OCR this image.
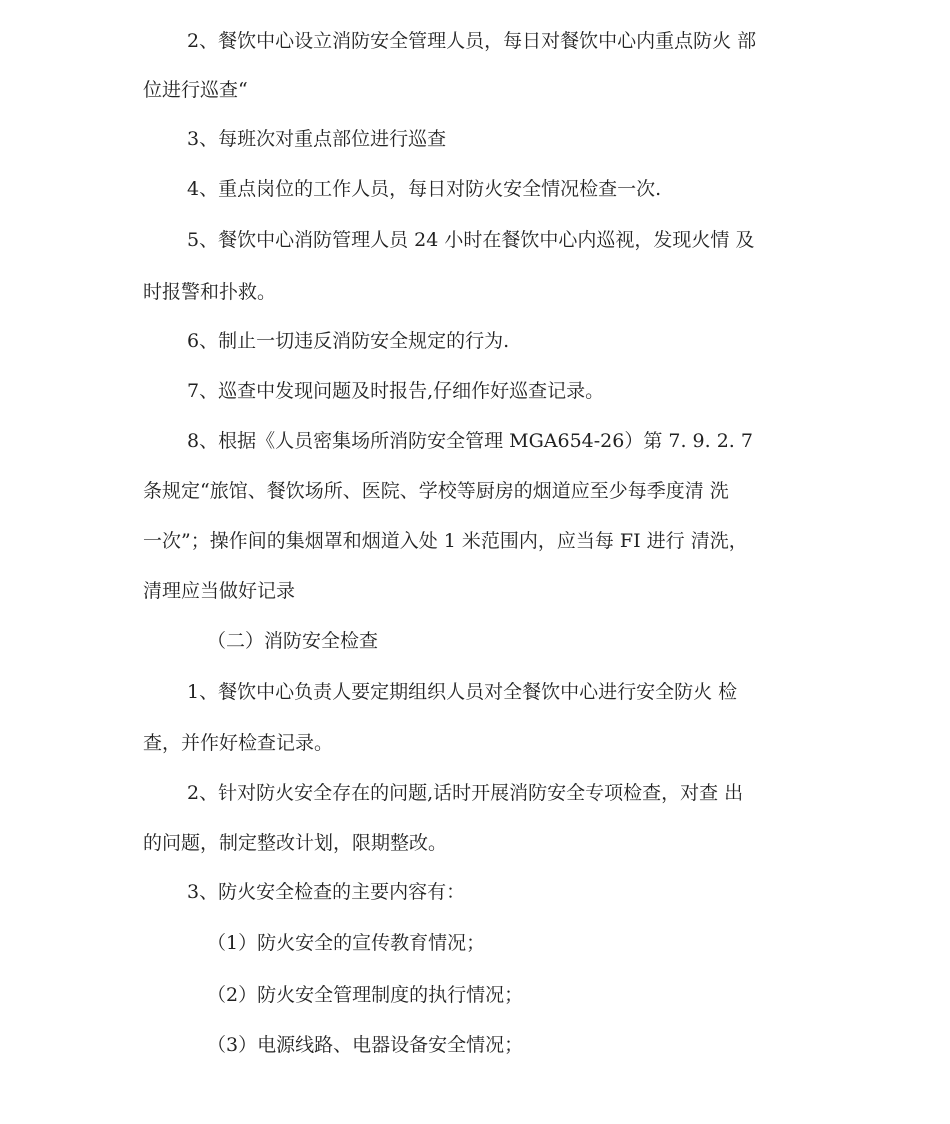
2、餐饮中心设立消防安全管理人员，每日对餐饮中心内重点防火 部

位进行巡查“

3、每班次对重点部位进行巡查

4、重点岗位的工作人员，每日对防火安全情况检查一次.

5、餐饮中心消防管理人员 24 小时在餐饮中心内巡视，发现火情 及

时报警和扑救。

6、制止一切违反消防安全规定的行为.

7、巡查中发现问题及时报告,仔细作好巡查记录。

8、根据《人员密集场所消防安全管理 MGA654-26）第 7. 9. 2. 7

条规定“旅馆、餐饮场所、医院、学校等厨房的烟道应至少每季度清 洗

一次”；操作间的集烟罩和烟道入处 1 米范围内，应当每 FI 进行 清洗，

清理应当做好记录

（二）消防安全检查

1、餐饮中心负责人要定期组织人员对全餐饮中心进行安全防火 检

查，并作好检查记录。

2、针对防火安全存在的问题,话时开展消防安全专项检查，对查 出

的问题，制定整改计划，限期整改。

3、防火安全检查的主要内容有：

（1）防火安全的宣传教育情况；

（2）防火安全管理制度的执行情况；

（3）电源线路、电器设备安全情况；
